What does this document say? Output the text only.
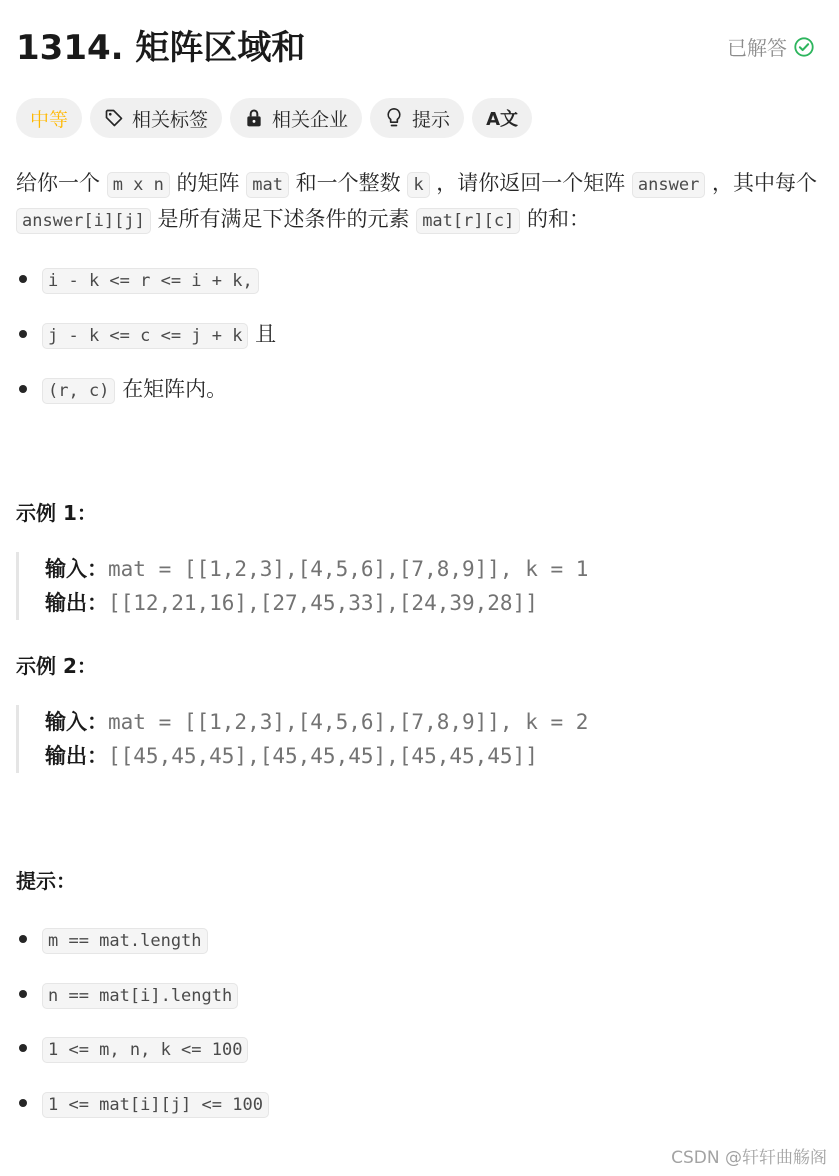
1314. 矩阵区域和	已解答
中等	相关标签	相关企业	提示 A文
给你一个 m x n 的矩阵 mat 和一个整数 k ，请你返回一个矩阵 answer ，其中每个 answer[i][j] 是所有满足下述条件的元素 mat[r][c] 的和：
i - k <= r <= i + k,
j - k <= c <= j + k 且
(r, c) 在矩阵内。
示例 1：
输入：mat = [[1,2,3],[4,5,6],[7,8,9]], k = 1
输出：[[12,21,16],[27,45,33],[24,39,28]]
示例 2：
输入：mat = [[1,2,3],[4,5,6],[7,8,9]], k = 2
输出：[[45,45,45],[45,45,45],[45,45,45]]
提示：
m == mat.length
n == mat[i].length
1 <= m, n, k <= 100
1 <= mat[i][j] <= 100
CSDN @轩轩曲觞阁
